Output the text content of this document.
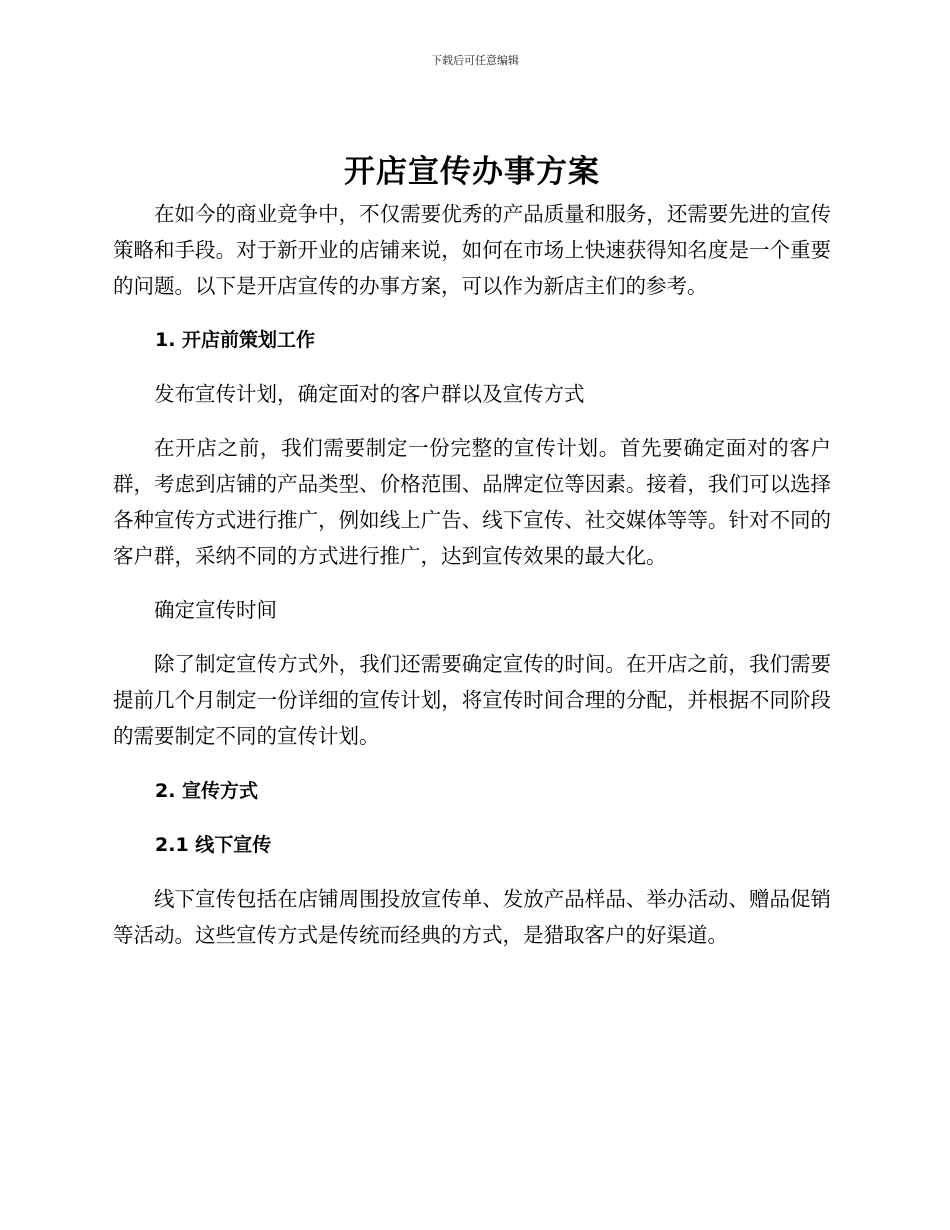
下载后可任意编辑
开店宣传办事方案

在如今的商业竞争中，不仅需要优秀的产品质量和服务，还需要先进的宣传策略和手段。对于新开业的店铺来说，如何在市场上快速获得知名度是一个重要的问题。以下是开店宣传的办事方案，可以作为新店主们的参考。

1. 开店前策划工作

发布宣传计划，确定面对的客户群以及宣传方式

在开店之前，我们需要制定一份完整的宣传计划。首先要确定面对的客户群，考虑到店铺的产品类型、价格范围、品牌定位等因素。接着，我们可以选择各种宣传方式进行推广，例如线上广告、线下宣传、社交媒体等等。针对不同的客户群，采纳不同的方式进行推广，达到宣传效果的最大化。

确定宣传时间

除了制定宣传方式外，我们还需要确定宣传的时间。在开店之前，我们需要提前几个月制定一份详细的宣传计划，将宣传时间合理的分配，并根据不同阶段的需要制定不同的宣传计划。

2. 宣传方式

2.1 线下宣传

线下宣传包括在店铺周围投放宣传单、发放产品样品、举办活动、赠品促销等活动。这些宣传方式是传统而经典的方式，是猎取客户的好渠道。
